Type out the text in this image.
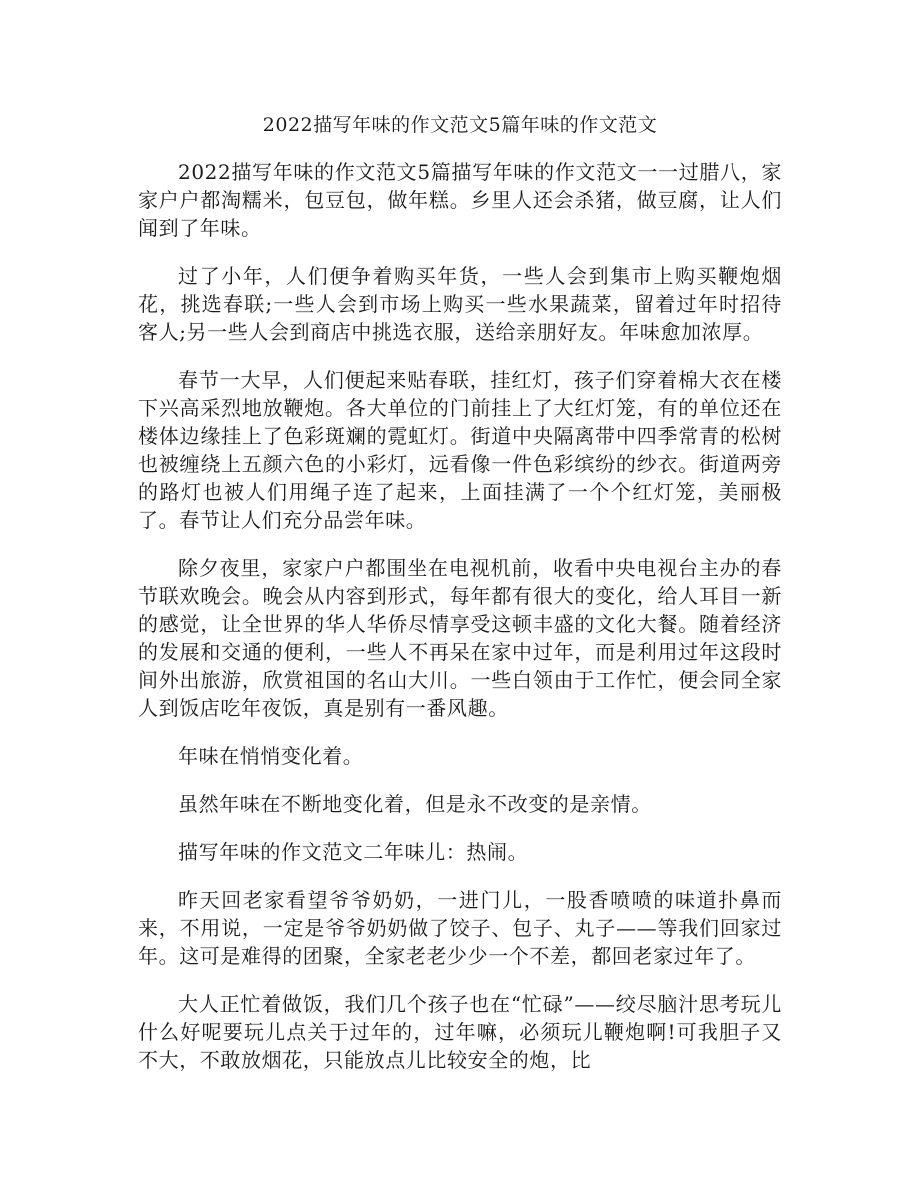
2022描写年味的作文范文5篇年味的作文范文

2022描写年味的作文范文5篇描写年味的作文范文一一过腊八，家家户户都淘糯米，包豆包，做年糕。乡里人还会杀猪，做豆腐，让人们闻到了年味。

过了小年，人们便争着购买年货，一些人会到集市上购买鞭炮烟花，挑选春联;一些人会到市场上购买一些水果蔬菜，留着过年时招待客人;另一些人会到商店中挑选衣服，送给亲朋好友。年味愈加浓厚。

春节一大早，人们便起来贴春联，挂红灯，孩子们穿着棉大衣在楼下兴高采烈地放鞭炮。各大单位的门前挂上了大红灯笼，有的单位还在楼体边缘挂上了色彩斑斓的霓虹灯。街道中央隔离带中四季常青的松树也被缠绕上五颜六色的小彩灯，远看像一件色彩缤纷的纱衣。街道两旁的路灯也被人们用绳子连了起来，上面挂满了一个个红灯笼，美丽极了。春节让人们充分品尝年味。

除夕夜里，家家户户都围坐在电视机前，收看中央电视台主办的春节联欢晚会。晚会从内容到形式，每年都有很大的变化，给人耳目一新的感觉，让全世界的华人华侨尽情享受这顿丰盛的文化大餐。随着经济的发展和交通的便利，一些人不再呆在家中过年，而是利用过年这段时间外出旅游，欣赏祖国的名山大川。一些白领由于工作忙，便会同全家人到饭店吃年夜饭，真是别有一番风趣。

年味在悄悄变化着。

虽然年味在不断地变化着，但是永不改变的是亲情。

描写年味的作文范文二年味儿：热闹。

昨天回老家看望爷爷奶奶，一进门儿，一股香喷喷的味道扑鼻而来，不用说，一定是爷爷奶奶做了饺子、包子、丸子——等我们回家过年。这可是难得的团聚，全家老老少少一个不差，都回老家过年了。

大人正忙着做饭，我们几个孩子也在“忙碌”——绞尽脑汁思考玩儿什么好呢要玩儿点关于过年的，过年嘛，必须玩儿鞭炮啊!可我胆子又不大，不敢放烟花，只能放点儿比较安全的炮，比
